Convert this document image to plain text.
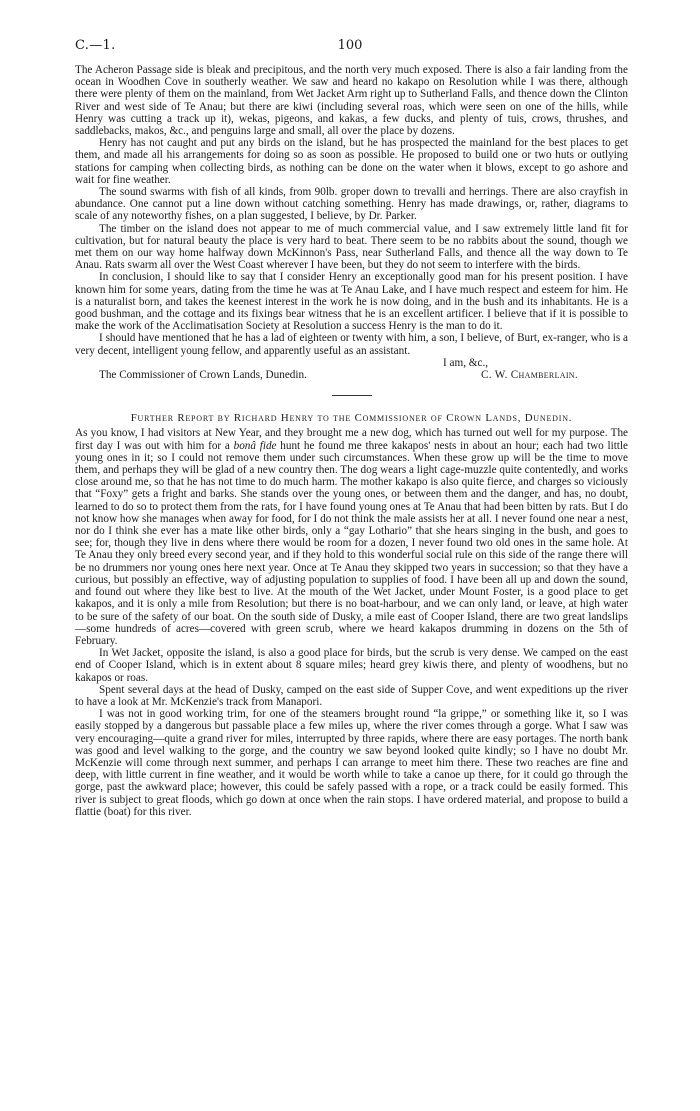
C.—1.	100

The Acheron Passage side is bleak and precipitous, and the north very much exposed. There is also a fair landing from the ocean in Woodhen Cove in southerly weather. We saw and heard no kakapo on Resolution while I was there, although there were plenty of them on the mainland, from Wet Jacket Arm right up to Sutherland Falls, and thence down the Clinton River and west side of Te Anau; but there are kiwi (including several roas, which were seen on one of the hills, while Henry was cutting a track up it), wekas, pigeons, and kakas, a few ducks, and plenty of tuis, crows, thrushes, and saddlebacks, makos, &c., and penguins large and small, all over the place by dozens.

Henry has not caught and put any birds on the island, but he has prospected the mainland for the best places to get them, and made all his arrangements for doing so as soon as possible. He proposed to build one or two huts or outlying stations for camping when collecting birds, as nothing can be done on the water when it blows, except to go ashore and wait for fine weather.

The sound swarms with fish of all kinds, from 90lb. groper down to trevalli and herrings. There are also crayfish in abundance. One cannot put a line down without catching something. Henry has made drawings, or, rather, diagrams to scale of any noteworthy fishes, on a plan suggested, I believe, by Dr. Parker.

The timber on the island does not appear to me of much commercial value, and I saw extremely little land fit for cultivation, but for natural beauty the place is very hard to beat. There seem to be no rabbits about the sound, though we met them on our way home halfway down McKinnon's Pass, near Sutherland Falls, and thence all the way down to Te Anau. Rats swarm all over the West Coast wherever I have been, but they do not seem to interfere with the birds.

In conclusion, I should like to say that I consider Henry an exceptionally good man for his present position. I have known him for some years, dating from the time he was at Te Anau Lake, and I have much respect and esteem for him. He is a naturalist born, and takes the keenest interest in the work he is now doing, and in the bush and its inhabitants. He is a good bushman, and the cottage and its fixings bear witness that he is an excellent artificer. I believe that if it is possible to make the work of the Acclimatisation Society at Resolution a success Henry is the man to do it.

I should have mentioned that he has a lad of eighteen or twenty with him, a son, I believe, of Burt, ex-ranger, who is a very decent, intelligent young fellow, and apparently useful as an assistant.

I am, &c.,
The Commissioner of Crown Lands, Dunedin.	C. W. Chamberlain.
Further Report by Richard Henry to the Commissioner of Crown Lands, Dunedin.

As you know, I had visitors at New Year, and they brought me a new dog, which has turned out well for my purpose. The first day I was out with him for a bonâ fide hunt he found me three kakapos' nests in about an hour; each had two little young ones in it; so I could not remove them under such circumstances. When these grow up will be the time to move them, and perhaps they will be glad of a new country then. The dog wears a light cage-muzzle quite contentedly, and works close around me, so that he has not time to do much harm. The mother kakapo is also quite fierce, and charges so viciously that “Foxy” gets a fright and barks. She stands over the young ones, or between them and the danger, and has, no doubt, learned to do so to protect them from the rats, for I have found young ones at Te Anau that had been bitten by rats. But I do not know how she manages when away for food, for I do not think the male assists her at all. I never found one near a nest, nor do I think she ever has a mate like other birds, only a “gay Lothario” that she hears singing in the bush, and goes to see; for, though they live in dens where there would be room for a dozen, I never found two old ones in the same hole. At Te Anau they only breed every second year, and if they hold to this wonderful social rule on this side of the range there will be no drummers nor young ones here next year. Once at Te Anau they skipped two years in succession; so that they have a curious, but possibly an effective, way of adjusting population to supplies of food. I have been all up and down the sound, and found out where they like best to live. At the mouth of the Wet Jacket, under Mount Foster, is a good place to get kakapos, and it is only a mile from Resolution; but there is no boat-harbour, and we can only land, or leave, at high water to be sure of the safety of our boat. On the south side of Dusky, a mile east of Cooper Island, there are two great landslips—some hundreds of acres—covered with green scrub, where we heard kakapos drumming in dozens on the 5th of February.

In Wet Jacket, opposite the island, is also a good place for birds, but the scrub is very dense. We camped on the east end of Cooper Island, which is in extent about 8 square miles; heard grey kiwis there, and plenty of woodhens, but no kakapos or roas.

Spent several days at the head of Dusky, camped on the east side of Supper Cove, and went expeditions up the river to have a look at Mr. McKenzie's track from Manapori.

I was not in good working trim, for one of the steamers brought round “la grippe,” or something like it, so I was easily stopped by a dangerous but passable place a few miles up, where the river comes through a gorge. What I saw was very encouraging—quite a grand river for miles, interrupted by three rapids, where there are easy portages. The north bank was good and level walking to the gorge, and the country we saw beyond looked quite kindly; so I have no doubt Mr. McKenzie will come through next summer, and perhaps I can arrange to meet him there. These two reaches are fine and deep, with little current in fine weather, and it would be worth while to take a canoe up there, for it could go through the gorge, past the awkward place; however, this could be safely passed with a rope, or a track could be easily formed. This river is subject to great floods, which go down at once when the rain stops. I have ordered material, and propose to build a flattie (boat) for this river.
